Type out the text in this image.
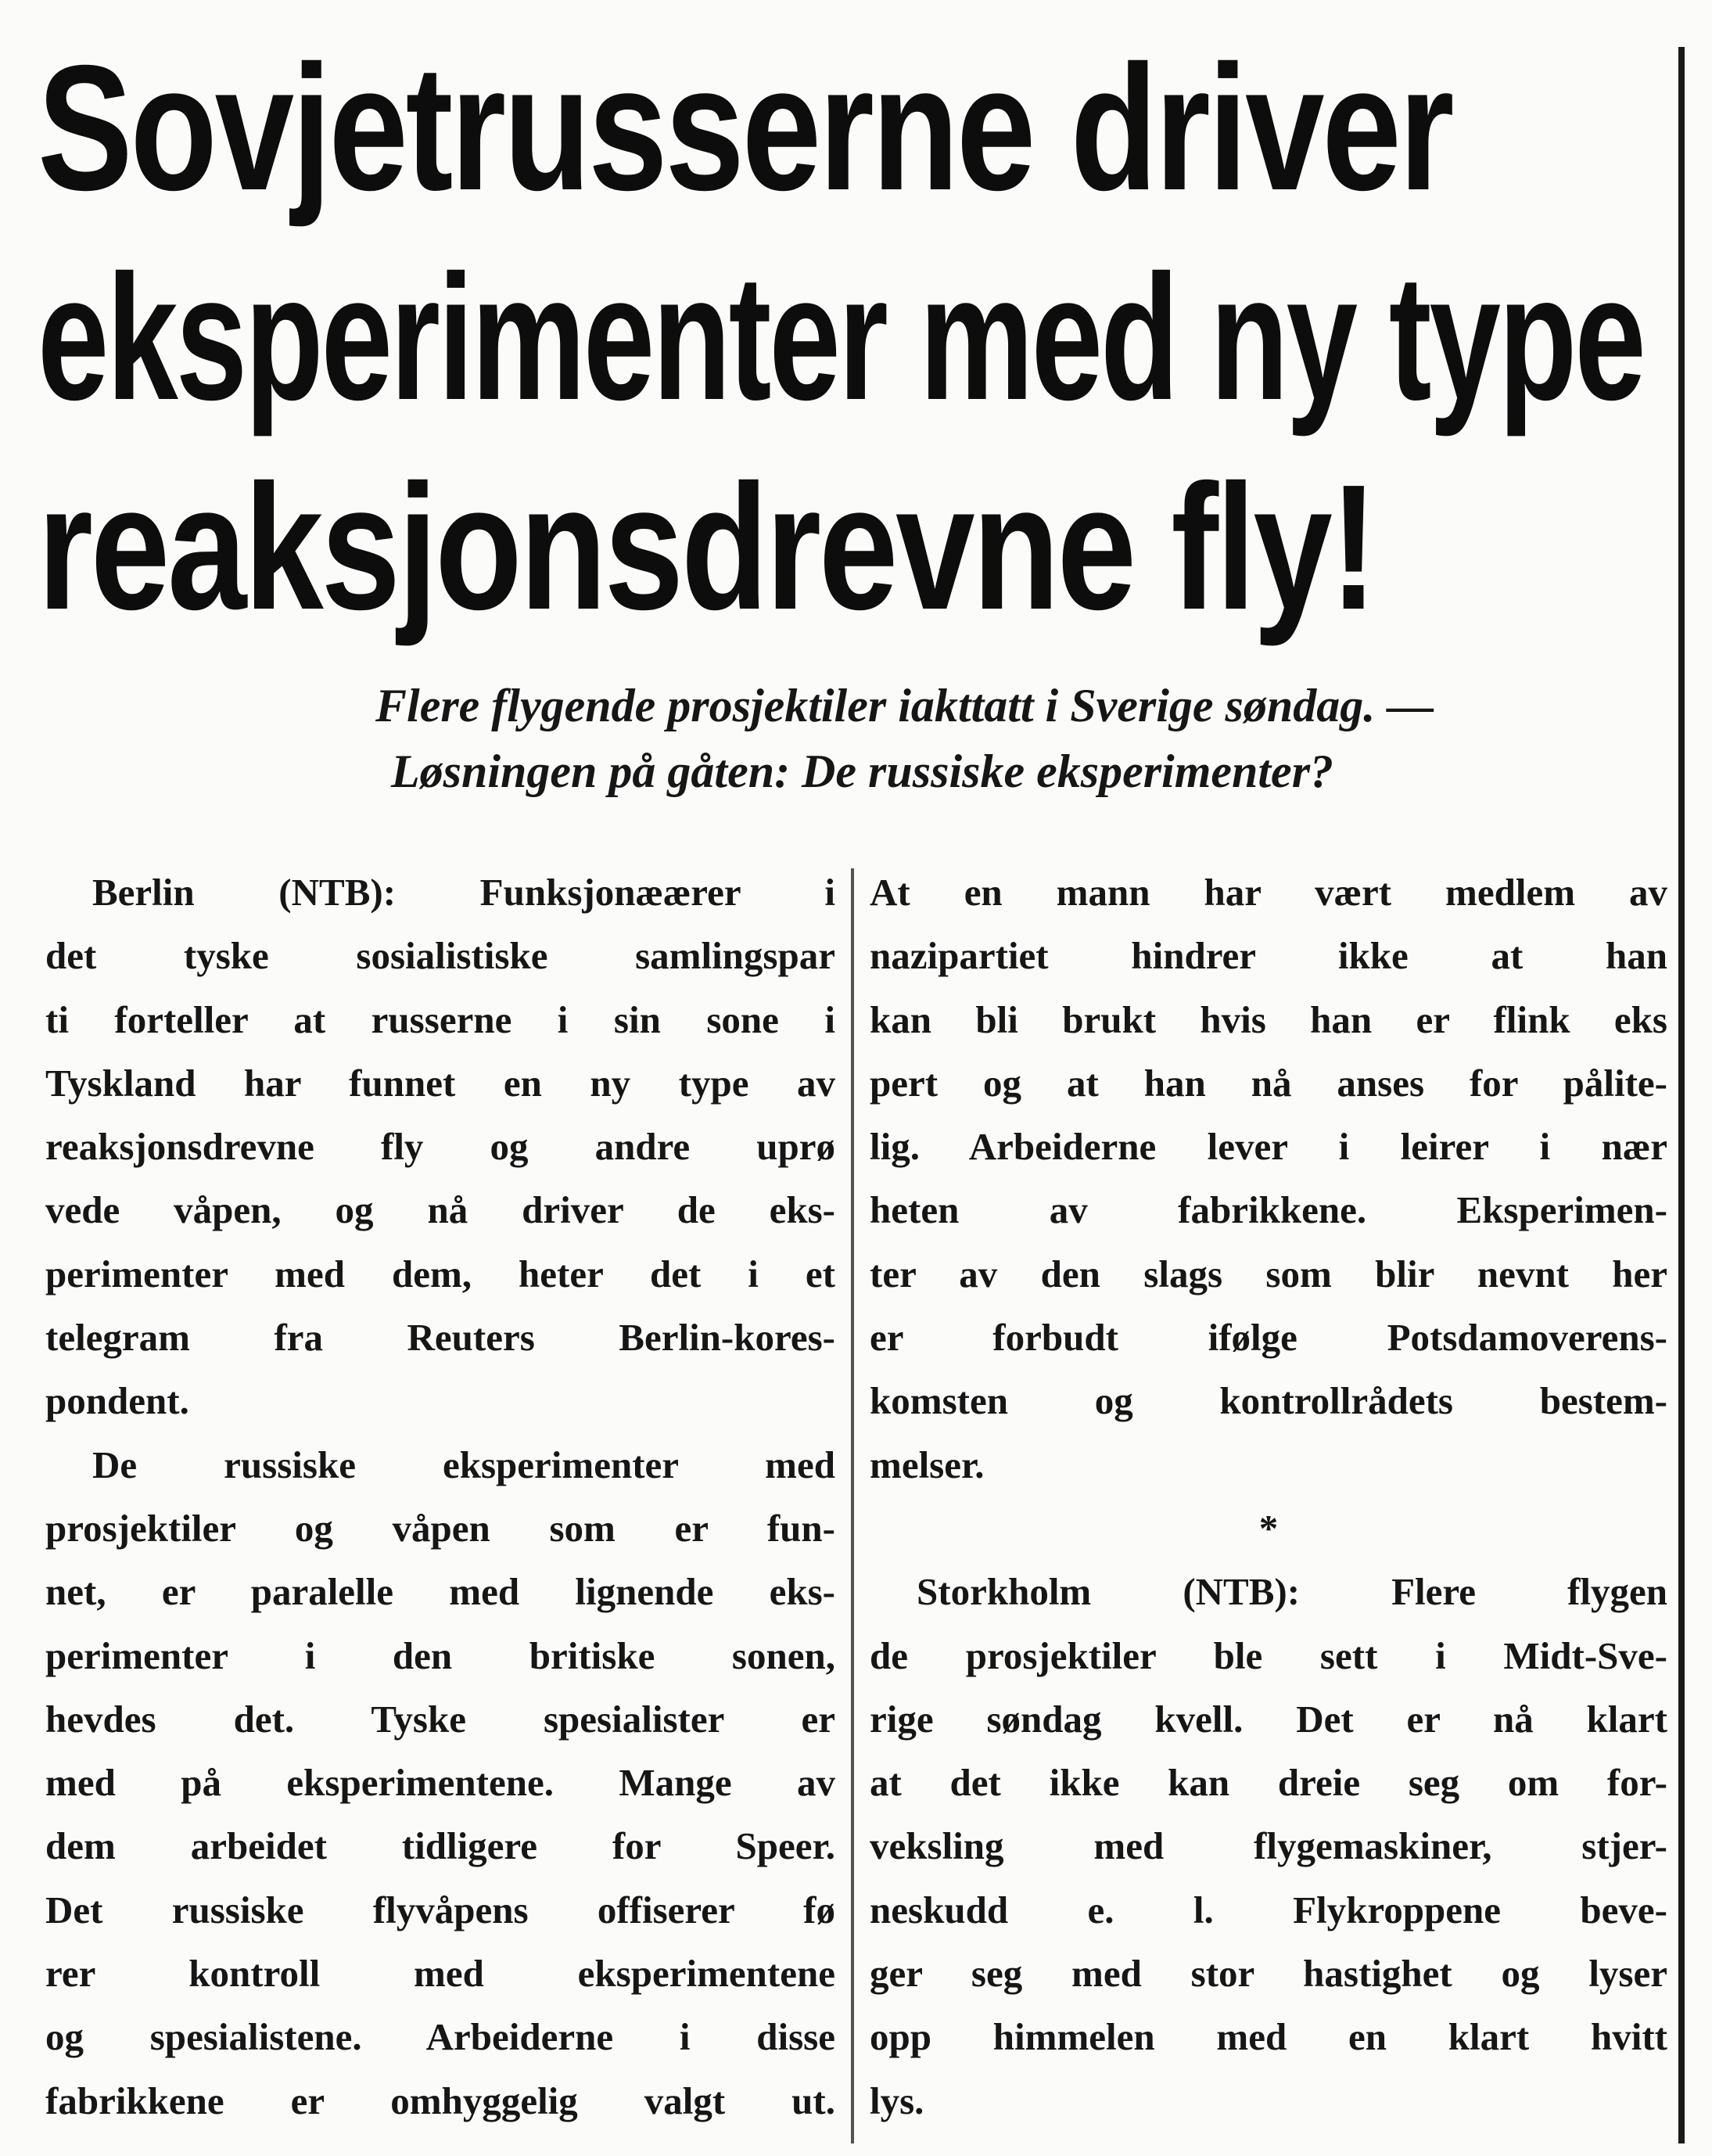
Sovjetrusserne driver
eksperimenter med ny type
reaksjonsdrevne fly!
Flere flygende prosjektiler iakttatt i Sverige søndag. —
Løsningen på gåten: De russiske eksperimenter?
Berlin (NTB): Funksjonæærer i
det tyske sosialistiske samlingspar
ti forteller at russerne i sin sone i
Tyskland har funnet en ny type av
reaksjonsdrevne fly og andre uprø
vede våpen, og nå driver de eks-
perimenter med dem, heter det i et
telegram fra Reuters Berlin-kores-
pondent.
De russiske eksperimenter med
prosjektiler og våpen som er fun-
net, er paralelle med lignende eks-
perimenter i den britiske sonen,
hevdes det. Tyske spesialister er
med på eksperimentene. Mange av
dem arbeidet tidligere for Speer.
Det russiske flyvåpens offiserer fø
rer kontroll med eksperimentene
og spesialistene. Arbeiderne i disse
fabrikkene er omhyggelig valgt ut.
At en mann har vært medlem av
nazipartiet hindrer ikke at han
kan bli brukt hvis han er flink eks
pert og at han nå anses for pålite-
lig. Arbeiderne lever i leirer i nær
heten av fabrikkene. Eksperimen-
ter av den slags som blir nevnt her
er forbudt ifølge Potsdamoverens-
komsten og kontrollrådets bestem-
melser.
*
Storkholm (NTB): Flere flygen
de prosjektiler ble sett i Midt-Sve-
rige søndag kvell. Det er nå klart
at det ikke kan dreie seg om for-
veksling med flygemaskiner, stjer-
neskudd e. l. Flykroppene beve-
ger seg med stor hastighet og lyser
opp himmelen med en klart hvitt
lys.
